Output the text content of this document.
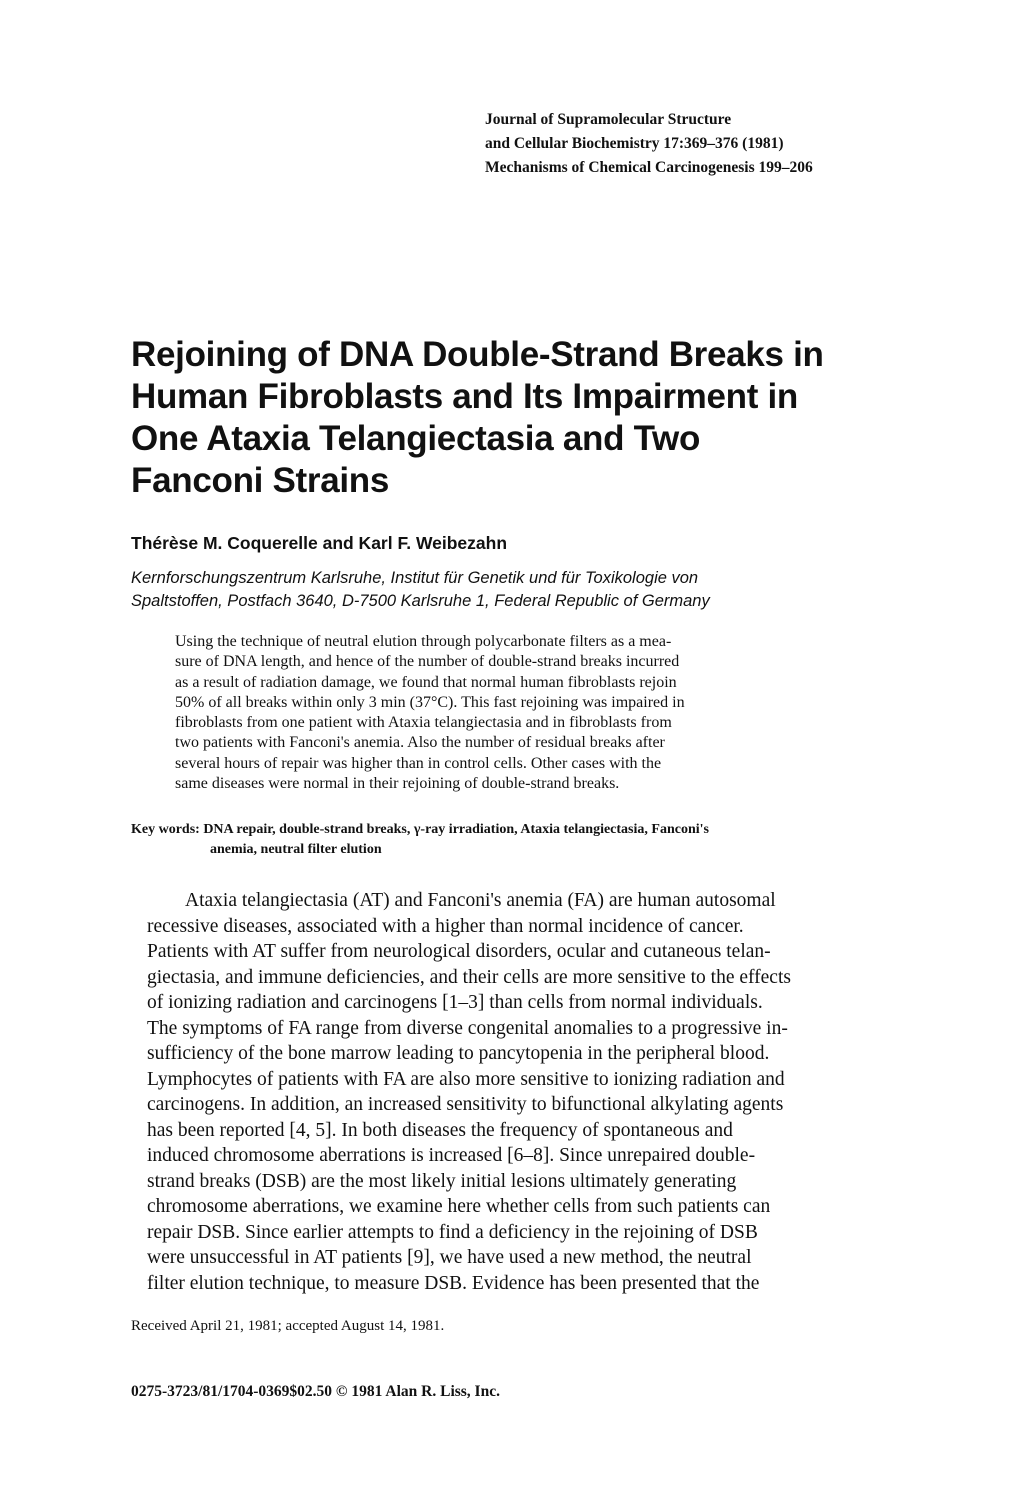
Journal of Supramolecular Structure
and Cellular Biochemistry 17:369–376 (1981)
Mechanisms of Chemical Carcinogenesis 199–206
Rejoining of DNA Double-Strand Breaks in
Human Fibroblasts and Its Impairment in
One Ataxia Telangiectasia and Two
Fanconi Strains
Thérèse M. Coquerelle and Karl F. Weibezahn
Kernforschungszentrum Karlsruhe, Institut für Genetik und für Toxikologie von
Spaltstoffen, Postfach 3640, D-7500 Karlsruhe 1, Federal Republic of Germany
Using the technique of neutral elution through polycarbonate filters as a mea-
sure of DNA length, and hence of the number of double-strand breaks incurred
as a result of radiation damage, we found that normal human fibroblasts rejoin
50% of all breaks within only 3 min (37°C). This fast rejoining was impaired in
fibroblasts from one patient with Ataxia telangiectasia and in fibroblasts from
two patients with Fanconi's anemia. Also the number of residual breaks after
several hours of repair was higher than in control cells. Other cases with the
same diseases were normal in their rejoining of double-strand breaks.
Key words: DNA repair, double-strand breaks, γ-ray irradiation, Ataxia telangiectasia, Fanconi's
anemia, neutral filter elution
Ataxia telangiectasia (AT) and Fanconi's anemia (FA) are human autosomal
recessive diseases, associated with a higher than normal incidence of cancer.
Patients with AT suffer from neurological disorders, ocular and cutaneous telan-
giectasia, and immune deficiencies, and their cells are more sensitive to the effects
of ionizing radiation and carcinogens [1–3] than cells from normal individuals.
The symptoms of FA range from diverse congenital anomalies to a progressive in-
sufficiency of the bone marrow leading to pancytopenia in the peripheral blood.
Lymphocytes of patients with FA are also more sensitive to ionizing radiation and
carcinogens. In addition, an increased sensitivity to bifunctional alkylating agents
has been reported [4, 5]. In both diseases the frequency of spontaneous and
induced chromosome aberrations is increased [6–8]. Since unrepaired double-
strand breaks (DSB) are the most likely initial lesions ultimately generating
chromosome aberrations, we examine here whether cells from such patients can
repair DSB. Since earlier attempts to find a deficiency in the rejoining of DSB
were unsuccessful in AT patients [9], we have used a new method, the neutral
filter elution technique, to measure DSB. Evidence has been presented that the
Received April 21, 1981; accepted August 14, 1981.
0275-3723/81/1704-0369$02.50 © 1981 Alan R. Liss, Inc.
